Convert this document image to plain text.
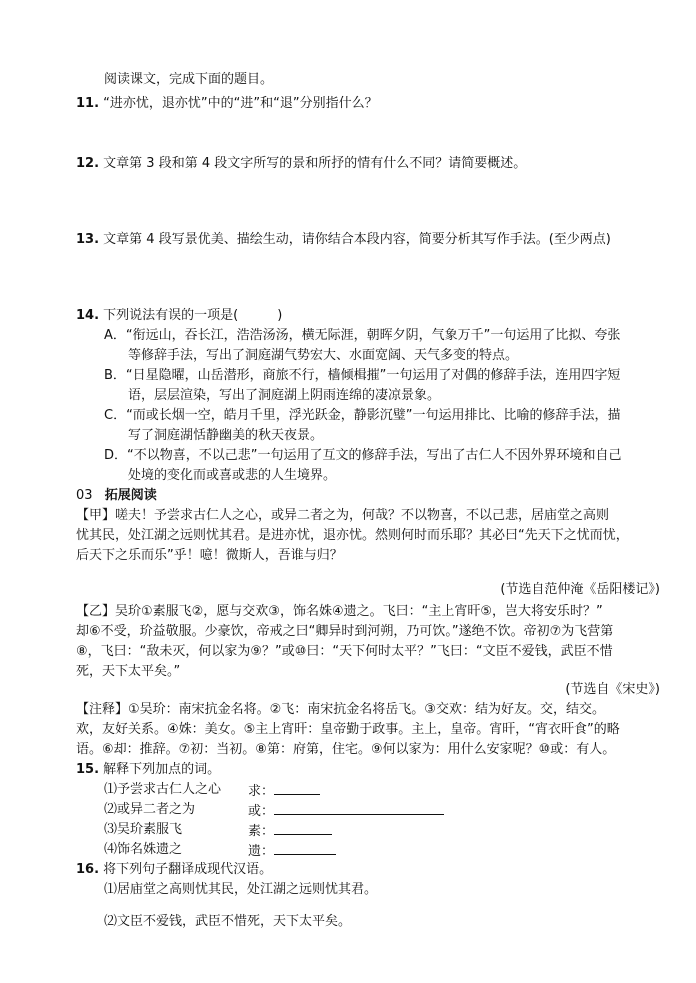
阅读课文，完成下面的题目。
11. “进亦忧，退亦忧”中的“进”和“退”分别指什么？
12. 文章第 3 段和第 4 段文字所写的景和所抒的情有什么不同？请简要概述。
13. 文章第 4 段写景优美、描绘生动，请你结合本段内容，简要分析其写作手法。(至少两点)
14. 下列说法有误的一项是(　　　)
A．“衔远山，吞长江，浩浩汤汤，横无际涯，朝晖夕阴，气象万千”一句运用了比拟、夸张
等修辞手法，写出了洞庭湖气势宏大、水面宽阔、天气多变的特点。
B．“日星隐曜，山岳潜形，商旅不行，樯倾楫摧”一句运用了对偶的修辞手法，连用四字短
语，层层渲染，写出了洞庭湖上阴雨连绵的凄凉景象。
C．“而或长烟一空，皓月千里，浮光跃金，静影沉璧”一句运用排比、比喻的修辞手法，描
写了洞庭湖恬静幽美的秋天夜景。
D．“不以物喜，不以己悲”一句运用了互文的修辞手法，写出了古仁人不因外界环境和自己
处境的变化而或喜或悲的人生境界。
03 拓展阅读
【甲】嗟夫！予尝求古仁人之心，或异二者之为，何哉？不以物喜，不以己悲，居庙堂之高则
忧其民，处江湖之远则忧其君。是进亦忧，退亦忧。然则何时而乐耶？其必曰“先天下之忧而忧，
后天下之乐而乐”乎！噫！微斯人，吾谁与归？
(节选自范仲淹《岳阳楼记》)
【乙】吴玠①素服飞②，愿与交欢③，饰名姝④遗之。飞曰：“主上宵旰⑤，岂大将安乐时？”
却⑥不受，玠益敬服。少豪饮，帝戒之曰“卿异时到河朔，乃可饮。”遂绝不饮。帝初⑦为飞营第
⑧，飞曰：“敌未灭，何以家为⑨？”或⑩曰：“天下何时太平？”飞曰：“文臣不爱钱，武臣不惜
死，天下太平矣。”
(节选自《宋史》)
【注释】①吴玠：南宋抗金名将。②飞：南宋抗金名将岳飞。③交欢：结为好友。交，结交。
欢，友好关系。④姝：美女。⑤主上宵旰：皇帝勤于政事。主上，皇帝。宵旰，“宵衣旰食”的略
语。⑥却：推辞。⑦初：当初。⑧第：府第，住宅。⑨何以家为：用什么安家呢？⑩或：有人。
15. 解释下列加点的词。
⑴予尝求古仁人之心 求：
⑵或异二者之为	或：
⑶吴玠素服飞	素：
⑷饰名姝遗之	遗：
16. 将下列句子翻译成现代汉语。
⑴居庙堂之高则忧其民，处江湖之远则忧其君。
⑵文臣不爱钱，武臣不惜死，天下太平矣。
